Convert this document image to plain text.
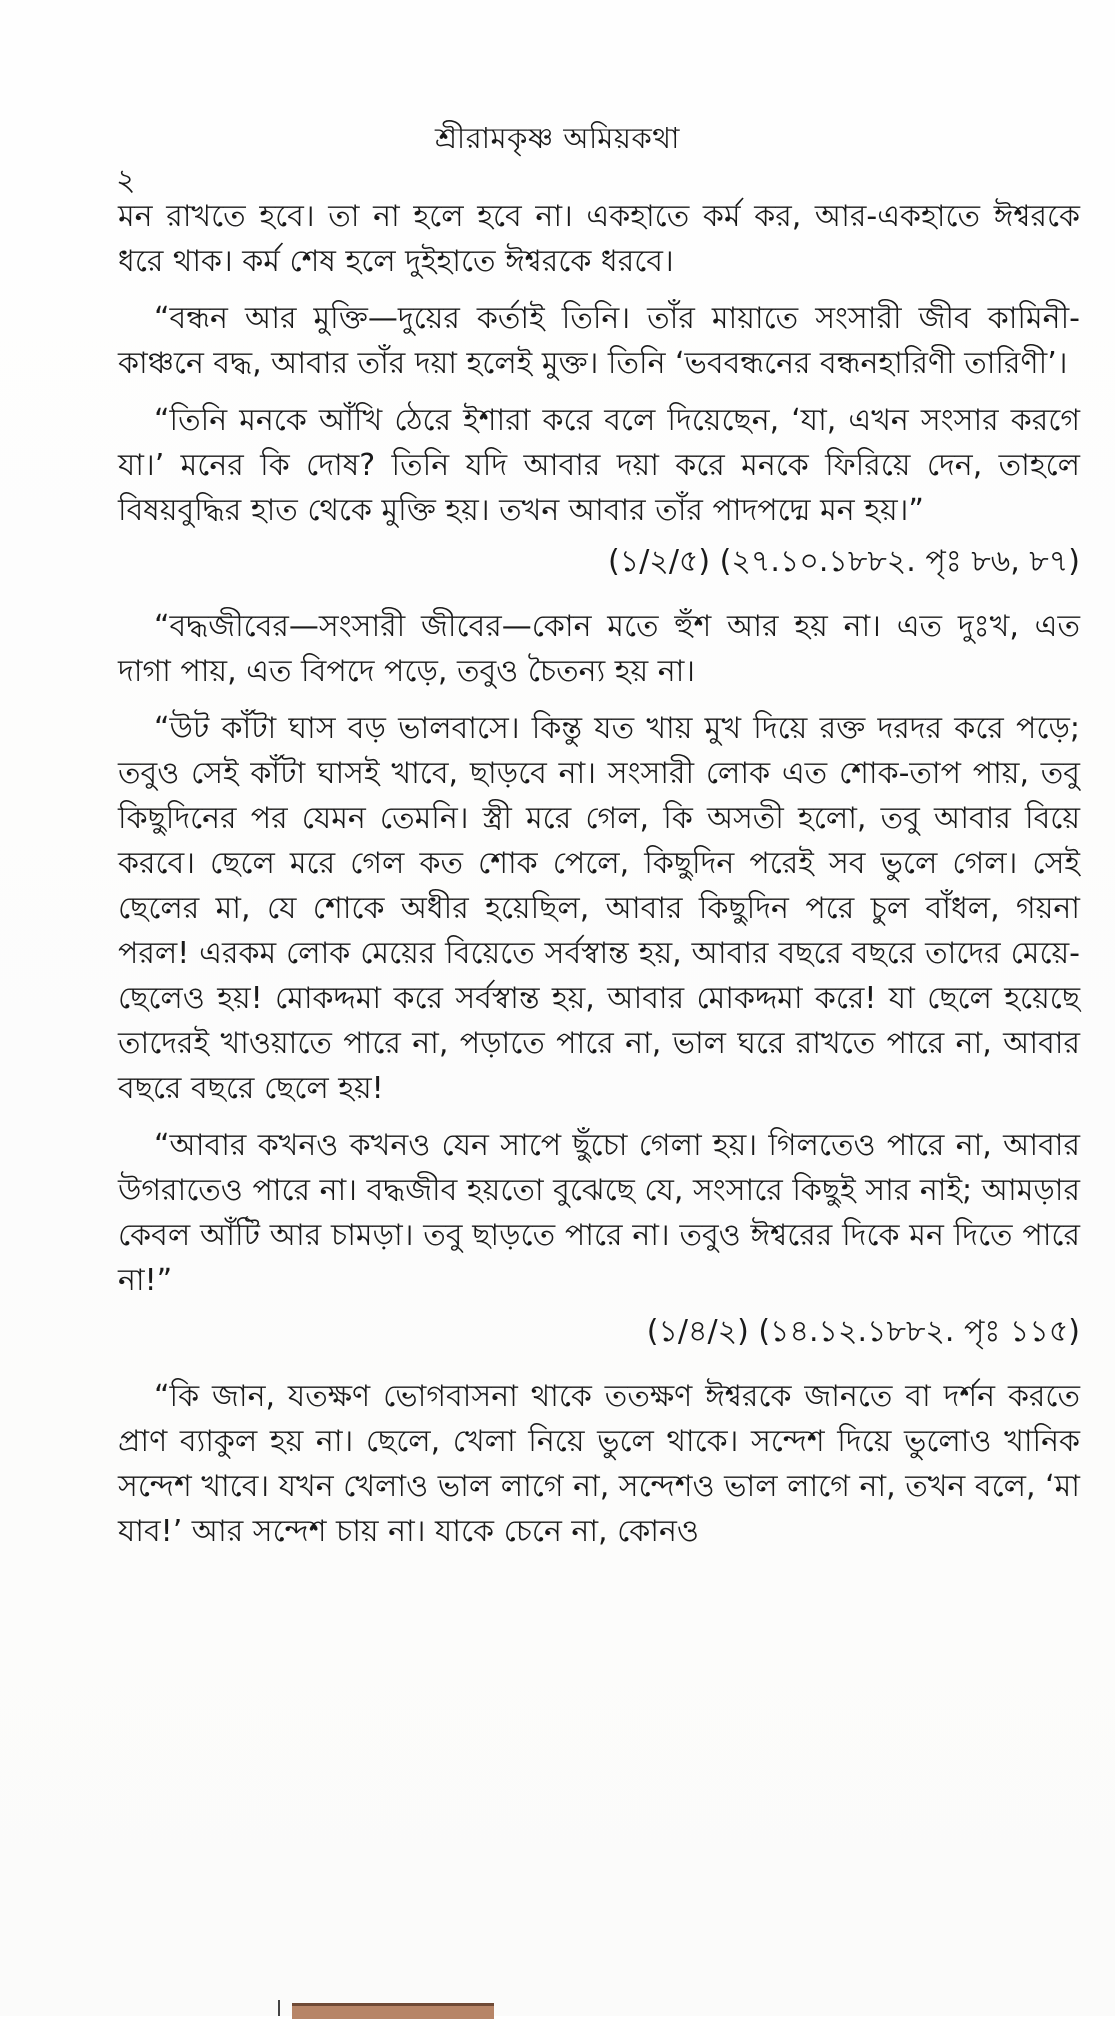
শ্রীরামকৃষ্ণ অমিয়কথা
২

মন রাখতে হবে। তা না হলে হবে না। একহাতে কর্ম কর, আর-একহাতে ঈশ্বরকে ধরে থাক। কর্ম শেষ হলে দুইহাতে ঈশ্বরকে ধরবে।

“বন্ধন আর মুক্তি—দুয়ের কর্তাই তিনি। তাঁর মায়াতে সংসারী জীব কামিনী-কাঞ্চনে বদ্ধ, আবার তাঁর দয়া হলেই মুক্ত। তিনি ‘ভববন্ধনের বন্ধনহারিণী তারিণী’।

“তিনি মনকে আঁখি ঠেরে ইশারা করে বলে দিয়েছেন, ‘যা, এখন সংসার করগে যা।’ মনের কি দোষ? তিনি যদি আবার দয়া করে মনকে ফিরিয়ে দেন, তাহলে বিষয়বুদ্ধির হাত থেকে মুক্তি হয়। তখন আবার তাঁর পাদপদ্মে মন হয়।”

(১/২/৫) (২৭.১০.১৮৮২. পৃঃ ৮৬, ৮৭)

“বদ্ধজীবের—সংসারী জীবের—কোন মতে হুঁশ আর হয় না। এত দুঃখ, এত দাগা পায়, এত বিপদে পড়ে, তবুও চৈতন্য হয় না।

“উট কাঁটা ঘাস বড় ভালবাসে। কিন্তু যত খায় মুখ দিয়ে রক্ত দরদর করে পড়ে; তবুও সেই কাঁটা ঘাসই খাবে, ছাড়বে না। সংসারী লোক এত শোক-তাপ পায়, তবু কিছুদিনের পর যেমন তেমনি। স্ত্রী মরে গেল, কি অসতী হলো, তবু আবার বিয়ে করবে। ছেলে মরে গেল কত শোক পেলে, কিছুদিন পরেই সব ভুলে গেল। সেই ছেলের মা, যে শোকে অধীর হয়েছিল, আবার কিছুদিন পরে চুল বাঁধল, গয়না পরল! এরকম লোক মেয়ের বিয়েতে সর্বস্বান্ত হয়, আবার বছরে বছরে তাদের মেয়ে-ছেলেও হয়! মোকদ্দমা করে সর্বস্বান্ত হয়, আবার মোকদ্দমা করে! যা ছেলে হয়েছে তাদেরই খাওয়াতে পারে না, পড়াতে পারে না, ভাল ঘরে রাখতে পারে না, আবার বছরে বছরে ছেলে হয়!

“আবার কখনও কখনও যেন সাপে ছুঁচো গেলা হয়। গিলতেও পারে না, আবার উগরাতেও পারে না। বদ্ধজীব হয়তো বুঝেছে যে, সংসারে কিছুই সার নাই; আমড়ার কেবল আঁটি আর চামড়া। তবু ছাড়তে পারে না। তবুও ঈশ্বরের দিকে মন দিতে পারে না!”

(১/৪/২) (১৪.১২.১৮৮২. পৃঃ ১১৫)

“কি জান, যতক্ষণ ভোগবাসনা থাকে ততক্ষণ ঈশ্বরকে জানতে বা দর্শন করতে প্রাণ ব্যাকুল হয় না। ছেলে, খেলা নিয়ে ভুলে থাকে। সন্দেশ দিয়ে ভুলোও খানিক সন্দেশ খাবে। যখন খেলাও ভাল লাগে না, সন্দেশও ভাল লাগে না, তখন বলে, ‘মা যাব!’ আর সন্দেশ চায় না। যাকে চেনে না, কোনও
